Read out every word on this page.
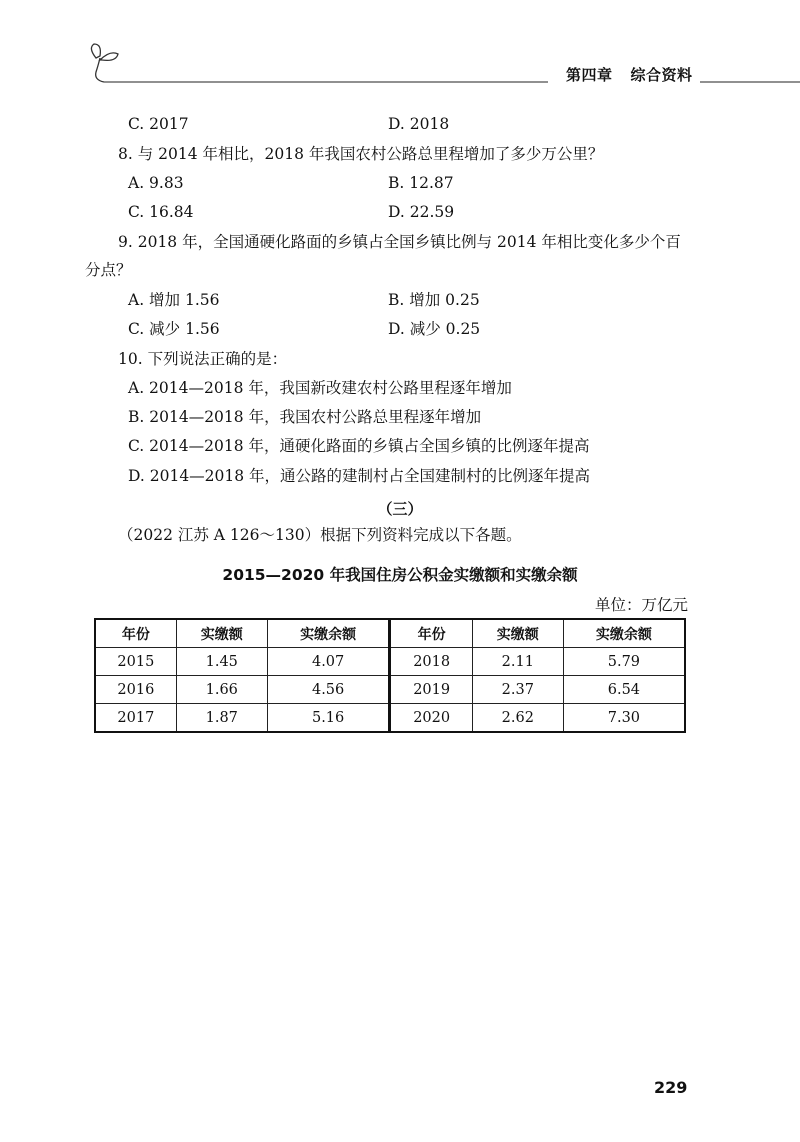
第四章 综合资料
C. 2017	D. 2018
8. 与 2014 年相比，2018 年我国农村公路总里程增加了多少万公里？
A. 9.83	B. 12.87
C. 16.84	D. 22.59
9. 2018 年，全国通硬化路面的乡镇占全国乡镇比例与 2014 年相比变化多少个百
分点？
A. 增加 1.56	B. 增加 0.25
C. 减少 1.56	D. 减少 0.25
10. 下列说法正确的是：
A. 2014—2018 年，我国新改建农村公路里程逐年增加
B. 2014—2018 年，我国农村公路总里程逐年增加
C. 2014—2018 年，通硬化路面的乡镇占全国乡镇的比例逐年提高
D. 2014—2018 年，通公路的建制村占全国建制村的比例逐年提高
（三）
（2022 江苏 A 126～130）根据下列资料完成以下各题。
2015—2020 年我国住房公积金实缴额和实缴余额
单位：万亿元
年份	实缴额	实缴余额	年份	实缴额	实缴余额
2015	1.45	4.07	2018	2.11	5.79
2016	1.66	4.56	2019	2.37	6.54
2017	1.87	5.16	2020	2.62	7.30
229
